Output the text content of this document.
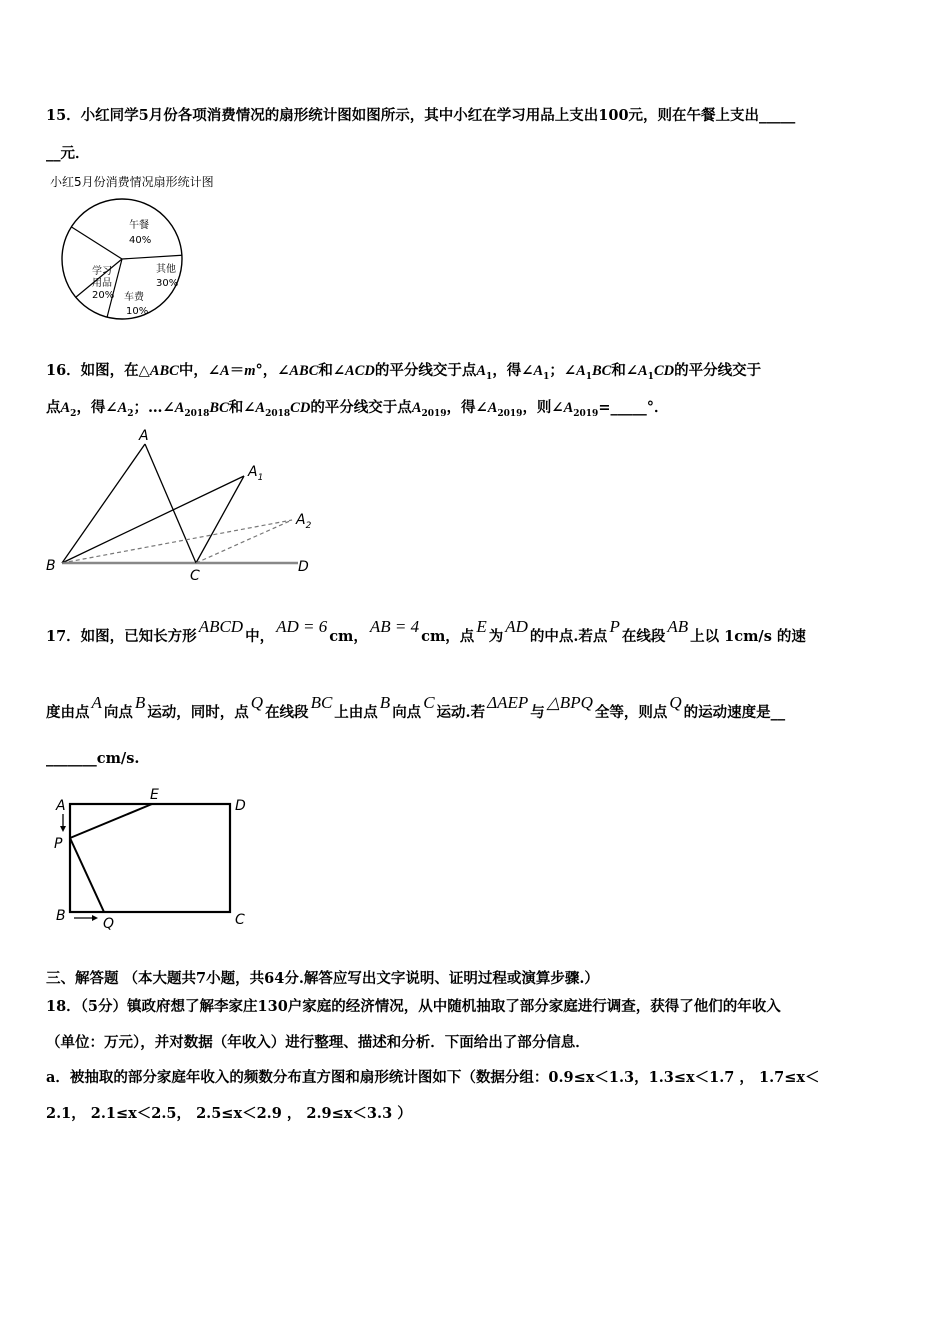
15．小红同学5月份各项消费情况的扇形统计图如图所示，其中小红在学习用品上支出100元，则在午餐上支出_____
__元．
小红5月份消费情况扇形统计图
午餐
40%
其他
30%
车费
10%
学习
用品
20%
16．如图，在△ABC中，∠A＝m°，∠ABC和∠ACD的平分线交于点$A_1$，得$\angle A_1$；$\angle A_1BC$和$\angle A_1CD$的平分线交于
点$A_2$，得$\angle A_2$；$\dots\angle A_{2018}BC$和$\angle A_{2018}CD$的平分线交于点$A_{2019}$，得$\angle A_{2019}$，则$\angle A_{2019}=\_\_\_\_\_^\circ$．
A
$A_1$
$A_2$
B
C
D
17．如图，已知长方形ABCD中，AD = 6cm，AB = 4cm，点E为AD的中点.若点P在线段AB上以 1cm/s 的速
度由点A向点B运动，同时，点Q在线段BC上由点B向点C运动.若ΔAEP与△BPQ全等，则点Q的运动速度是__
_______cm/s.
A
E
D
P
B	Q	C
三、解答题 （本大题共7小题，共64分.解答应写出文字说明、证明过程或演算步骤.）
18．（5分）镇政府想了解李家庄130户家庭的经济情况，从中随机抽取了部分家庭进行调查，获得了他们的年收入
（单位：万元），并对数据（年收入）进行整理、描述和分析．下面给出了部分信息．
a．被抽取的部分家庭年收入的频数分布直方图和扇形统计图如下（数据分组：0.9≤x＜1.3，1.3≤x＜1.7 ， 1.7≤x＜
2.1， 2.1≤x＜2.5， 2.5≤x＜2.9 ， 2.9≤x＜3.3 ）
